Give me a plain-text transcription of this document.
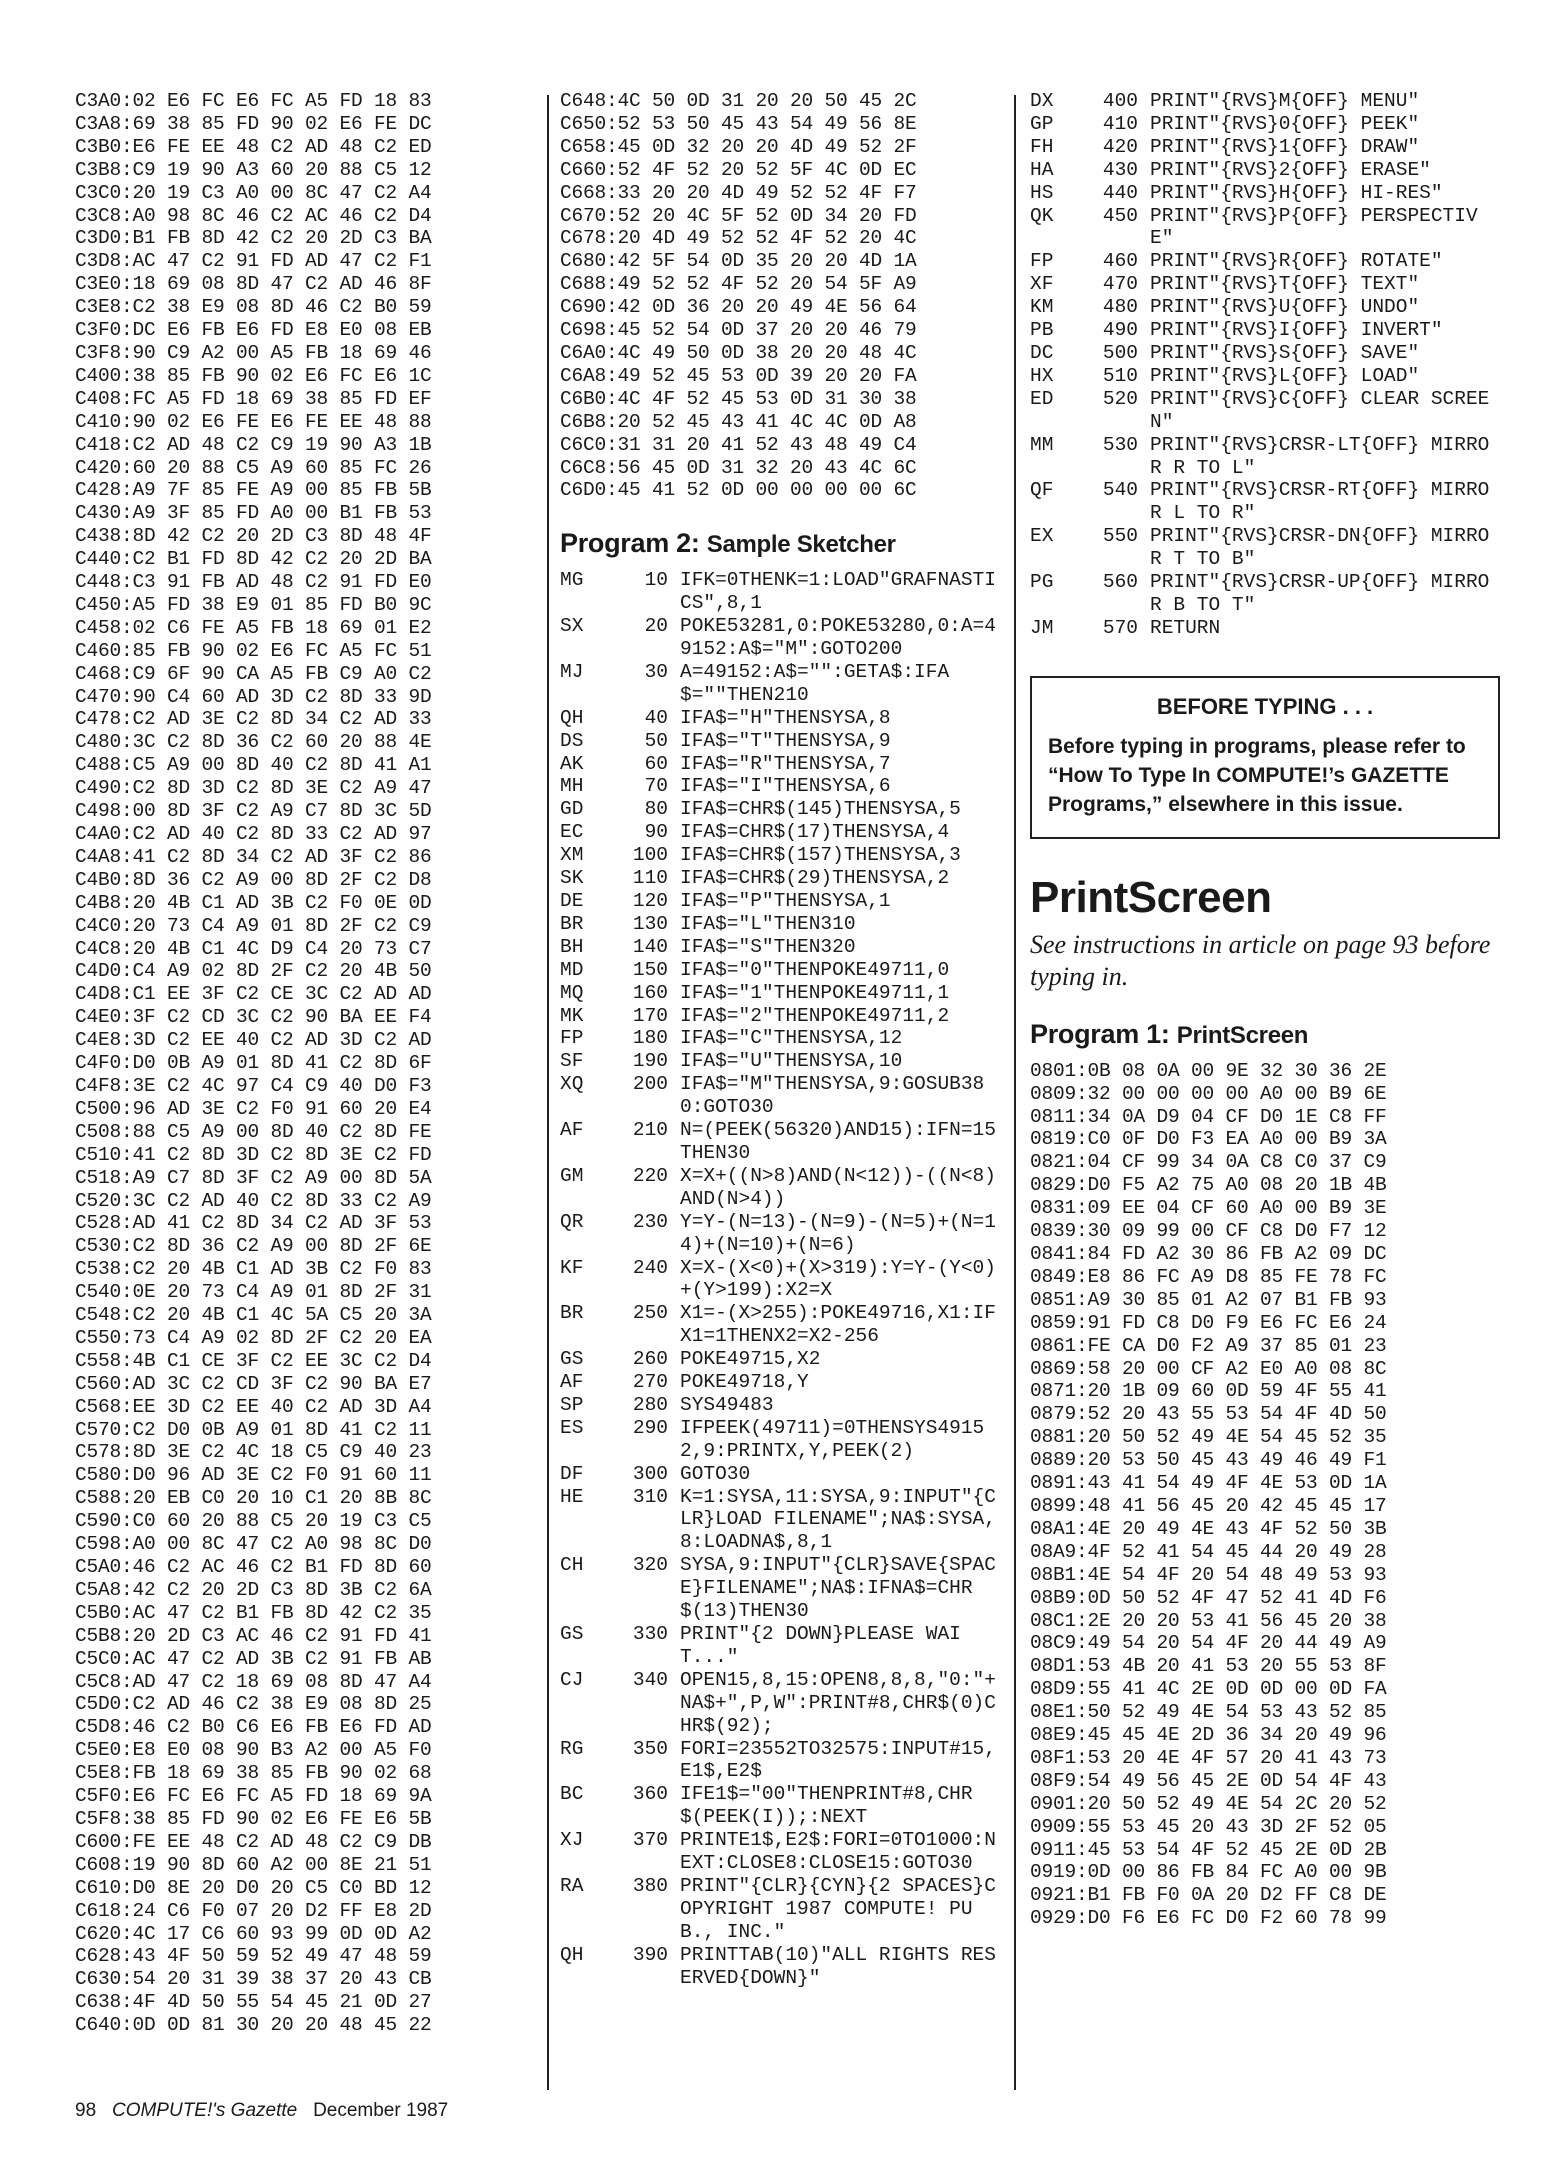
C3A0:02 E6 FC E6 FC A5 FD 18 83
C3A8:69 38 85 FD 90 02 E6 FE DC
C3B0:E6 FE EE 48 C2 AD 48 C2 ED
C3B8:C9 19 90 A3 60 20 88 C5 12
C3C0:20 19 C3 A0 00 8C 47 C2 A4
C3C8:A0 98 8C 46 C2 AC 46 C2 D4
C3D0:B1 FB 8D 42 C2 20 2D C3 BA
C3D8:AC 47 C2 91 FD AD 47 C2 F1
C3E0:18 69 08 8D 47 C2 AD 46 8F
C3E8:C2 38 E9 08 8D 46 C2 B0 59
C3F0:DC E6 FB E6 FD E8 E0 08 EB
C3F8:90 C9 A2 00 A5 FB 18 69 46
C400:38 85 FB 90 02 E6 FC E6 1C
C408:FC A5 FD 18 69 38 85 FD EF
C410:90 02 E6 FE E6 FE EE 48 88
C418:C2 AD 48 C2 C9 19 90 A3 1B
C420:60 20 88 C5 A9 60 85 FC 26
C428:A9 7F 85 FE A9 00 85 FB 5B
C430:A9 3F 85 FD A0 00 B1 FB 53
C438:8D 42 C2 20 2D C3 8D 48 4F
C440:C2 B1 FD 8D 42 C2 20 2D BA
C448:C3 91 FB AD 48 C2 91 FD E0
C450:A5 FD 38 E9 01 85 FD B0 9C
C458:02 C6 FE A5 FB 18 69 01 E2
C460:85 FB 90 02 E6 FC A5 FC 51
C468:C9 6F 90 CA A5 FB C9 A0 C2
C470:90 C4 60 AD 3D C2 8D 33 9D
C478:C2 AD 3E C2 8D 34 C2 AD 33
C480:3C C2 8D 36 C2 60 20 88 4E
C488:C5 A9 00 8D 40 C2 8D 41 A1
C490:C2 8D 3D C2 8D 3E C2 A9 47
C498:00 8D 3F C2 A9 C7 8D 3C 5D
C4A0:C2 AD 40 C2 8D 33 C2 AD 97
C4A8:41 C2 8D 34 C2 AD 3F C2 86
C4B0:8D 36 C2 A9 00 8D 2F C2 D8
C4B8:20 4B C1 AD 3B C2 F0 0E 0D
C4C0:20 73 C4 A9 01 8D 2F C2 C9
C4C8:20 4B C1 4C D9 C4 20 73 C7
C4D0:C4 A9 02 8D 2F C2 20 4B 50
C4D8:C1 EE 3F C2 CE 3C C2 AD AD
C4E0:3F C2 CD 3C C2 90 BA EE F4
C4E8:3D C2 EE 40 C2 AD 3D C2 AD
C4F0:D0 0B A9 01 8D 41 C2 8D 6F
C4F8:3E C2 4C 97 C4 C9 40 D0 F3
C500:96 AD 3E C2 F0 91 60 20 E4
C508:88 C5 A9 00 8D 40 C2 8D FE
C510:41 C2 8D 3D C2 8D 3E C2 FD
C518:A9 C7 8D 3F C2 A9 00 8D 5A
C520:3C C2 AD 40 C2 8D 33 C2 A9
C528:AD 41 C2 8D 34 C2 AD 3F 53
C530:C2 8D 36 C2 A9 00 8D 2F 6E
C538:C2 20 4B C1 AD 3B C2 F0 83
C540:0E 20 73 C4 A9 01 8D 2F 31
C548:C2 20 4B C1 4C 5A C5 20 3A
C550:73 C4 A9 02 8D 2F C2 20 EA
C558:4B C1 CE 3F C2 EE 3C C2 D4
C560:AD 3C C2 CD 3F C2 90 BA E7
C568:EE 3D C2 EE 40 C2 AD 3D A4
C570:C2 D0 0B A9 01 8D 41 C2 11
C578:8D 3E C2 4C 18 C5 C9 40 23
C580:D0 96 AD 3E C2 F0 91 60 11
C588:20 EB C0 20 10 C1 20 8B 8C
C590:C0 60 20 88 C5 20 19 C3 C5
C598:A0 00 8C 47 C2 A0 98 8C D0
C5A0:46 C2 AC 46 C2 B1 FD 8D 60
C5A8:42 C2 20 2D C3 8D 3B C2 6A
C5B0:AC 47 C2 B1 FB 8D 42 C2 35
C5B8:20 2D C3 AC 46 C2 91 FD 41
C5C0:AC 47 C2 AD 3B C2 91 FB AB
C5C8:AD 47 C2 18 69 08 8D 47 A4
C5D0:C2 AD 46 C2 38 E9 08 8D 25
C5D8:46 C2 B0 C6 E6 FB E6 FD AD
C5E0:E8 E0 08 90 B3 A2 00 A5 F0
C5E8:FB 18 69 38 85 FB 90 02 68
C5F0:E6 FC E6 FC A5 FD 18 69 9A
C5F8:38 85 FD 90 02 E6 FE E6 5B
C600:FE EE 48 C2 AD 48 C2 C9 DB
C608:19 90 8D 60 A2 00 8E 21 51
C610:D0 8E 20 D0 20 C5 C0 BD 12
C618:24 C6 F0 07 20 D2 FF E8 2D
C620:4C 17 C6 60 93 99 0D 0D A2
C628:43 4F 50 59 52 49 47 48 59
C630:54 20 31 39 38 37 20 43 CB
C638:4F 4D 50 55 54 45 21 0D 27
C640:0D 0D 81 30 20 20 48 45 22
C648:4C 50 0D 31 20 20 50 45 2C
C650:52 53 50 45 43 54 49 56 8E
C658:45 0D 32 20 20 4D 49 52 2F
C660:52 4F 52 20 52 5F 4C 0D EC
C668:33 20 20 4D 49 52 52 4F F7
C670:52 20 4C 5F 52 0D 34 20 FD
C678:20 4D 49 52 52 4F 52 20 4C
C680:42 5F 54 0D 35 20 20 4D 1A
C688:49 52 52 4F 52 20 54 5F A9
C690:42 0D 36 20 20 49 4E 56 64
C698:45 52 54 0D 37 20 20 46 79
C6A0:4C 49 50 0D 38 20 20 48 4C
C6A8:49 52 45 53 0D 39 20 20 FA
C6B0:4C 4F 52 45 53 0D 31 30 38
C6B8:20 52 45 43 41 4C 4C 0D A8
C6C0:31 31 20 41 52 43 48 49 C4
C6C8:56 45 0D 31 32 20 43 4C 6C
C6D0:45 41 52 0D 00 00 00 00 6C
Program 2: Sample Sketcher
MG	10 IFK=0THENK=1:LOAD"GRAFNASTICS",8,1
SX	20 POKE53281,0:POKE53280,0:A=49152:A$="M":GOTO200
MJ	30 A=49152:A$="":GETA$:IFA$=""THEN210
QH	40 IFA$="H"THENSYSA,8
DS	50 IFA$="T"THENSYSA,9
AK	60 IFA$="R"THENSYSA,7
MH	70 IFA$="I"THENSYSA,6
GD	80 IFA$=CHR$(145)THENSYSA,5
EC	90 IFA$=CHR$(17)THENSYSA,4
XM	100 IFA$=CHR$(157)THENSYSA,3
SK	110 IFA$=CHR$(29)THENSYSA,2
DE	120 IFA$="P"THENSYSA,1
BR	130 IFA$="L"THEN310
BH	140 IFA$="S"THEN320
MD	150 IFA$="0"THENPOKE49711,0
MQ	160 IFA$="1"THENPOKE49711,1
MK	170 IFA$="2"THENPOKE49711,2
FP	180 IFA$="C"THENSYSA,12
SF	190 IFA$="U"THENSYSA,10
XQ	200 IFA$="M"THENSYSA,9:GOSUB380:GOTO30
AF	210 N=(PEEK(56320)AND15):IFN=15THEN30
GM	220 X=X+((N>8)AND(N<12))-((N<8)AND(N>4))
QR	230 Y=Y-(N=13)-(N=9)-(N=5)+(N=14)+(N=10)+(N=6)
KF	240 X=X-(X<0)+(X>319):Y=Y-(Y<0)+(Y>199):X2=X
BR	250 X1=-(X>255):POKE49716,X1:IFX1=1THENX2=X2-256
GS	260 POKE49715,X2
AF	270 POKE49718,Y
SP	280 SYS49483
ES	290 IFPEEK(49711)=0THENSYS49152,9:PRINTX,Y,PEEK(2)
DF	300 GOTO30
HE	310 K=1:SYSA,11:SYSA,9:INPUT"{CLR}LOAD FILENAME";NA$:SYSA,8:LOADNA$,8,1
CH	320 SYSA,9:INPUT"{CLR}SAVE{SPACE}FILENAME";NA$:IFNA$=CHR$(13)THEN30
GS	330 PRINT"{2 DOWN}PLEASE WAIT..."
CJ	340 OPEN15,8,15:OPEN8,8,8,"0:"+NA$+",P,W":PRINT#8,CHR$(0)CHR$(92);
RG	350 FORI=23552TO32575:INPUT#15,E1$,E2$
BC	360 IFE1$="00"THENPRINT#8,CHR$(PEEK(I));:NEXT
XJ	370 PRINTE1$,E2$:FORI=0TO1000:NEXT:CLOSE8:CLOSE15:GOTO30
RA	380 PRINT"{CLR}{CYN}{2 SPACES}COPYRIGHT 1987 COMPUTE! PUB., INC."
QH	390 PRINTTAB(10)"ALL RIGHTS RESERVED{DOWN}"
DX	400 PRINT"{RVS}M{OFF} MENU"
GP	410 PRINT"{RVS}0{OFF} PEEK"
FH	420 PRINT"{RVS}1{OFF} DRAW"
HA	430 PRINT"{RVS}2{OFF} ERASE"
HS	440 PRINT"{RVS}H{OFF} HI-RES"
QK	450 PRINT"{RVS}P{OFF} PERSPECTIVE"
FP	460 PRINT"{RVS}R{OFF} ROTATE"
XF	470 PRINT"{RVS}T{OFF} TEXT"
KM	480 PRINT"{RVS}U{OFF} UNDO"
PB	490 PRINT"{RVS}I{OFF} INVERT"
DC	500 PRINT"{RVS}S{OFF} SAVE"
HX	510 PRINT"{RVS}L{OFF} LOAD"
ED	520 PRINT"{RVS}C{OFF} CLEAR SCREEN"
MM	530 PRINT"{RVS}CRSR-LT{OFF} MIRROR R TO L"
QF	540 PRINT"{RVS}CRSR-RT{OFF} MIRROR L TO R"
EX	550 PRINT"{RVS}CRSR-DN{OFF} MIRROR T TO B"
PG	560 PRINT"{RVS}CRSR-UP{OFF} MIRROR B TO T"
JM	570 RETURN
BEFORE TYPING . . .
Before typing in programs, please refer to “How To Type In COMPUTE!’s GAZETTE Programs,” elsewhere in this issue.
PrintScreen
See instructions in article on page 93 before typing in.
Program 1: PrintScreen
0801:0B 08 0A 00 9E 32 30 36 2E
0809:32 00 00 00 00 A0 00 B9 6E
0811:34 0A D9 04 CF D0 1E C8 FF
0819:C0 0F D0 F3 EA A0 00 B9 3A
0821:04 CF 99 34 0A C8 C0 37 C9
0829:D0 F5 A2 75 A0 08 20 1B 4B
0831:09 EE 04 CF 60 A0 00 B9 3E
0839:30 09 99 00 CF C8 D0 F7 12
0841:84 FD A2 30 86 FB A2 09 DC
0849:E8 86 FC A9 D8 85 FE 78 FC
0851:A9 30 85 01 A2 07 B1 FB 93
0859:91 FD C8 D0 F9 E6 FC E6 24
0861:FE CA D0 F2 A9 37 85 01 23
0869:58 20 00 CF A2 E0 A0 08 8C
0871:20 1B 09 60 0D 59 4F 55 41
0879:52 20 43 55 53 54 4F 4D 50
0881:20 50 52 49 4E 54 45 52 35
0889:20 53 50 45 43 49 46 49 F1
0891:43 41 54 49 4F 4E 53 0D 1A
0899:48 41 56 45 20 42 45 45 17
08A1:4E 20 49 4E 43 4F 52 50 3B
08A9:4F 52 41 54 45 44 20 49 28
08B1:4E 54 4F 20 54 48 49 53 93
08B9:0D 50 52 4F 47 52 41 4D F6
08C1:2E 20 20 53 41 56 45 20 38
08C9:49 54 20 54 4F 20 44 49 A9
08D1:53 4B 20 41 53 20 55 53 8F
08D9:55 41 4C 2E 0D 0D 00 0D FA
08E1:50 52 49 4E 54 53 43 52 85
08E9:45 45 4E 2D 36 34 20 49 96
08F1:53 20 4E 4F 57 20 41 43 73
08F9:54 49 56 45 2E 0D 54 4F 43
0901:20 50 52 49 4E 54 2C 20 52
0909:55 53 45 20 43 3D 2F 52 05
0911:45 53 54 4F 52 45 2E 0D 2B
0919:0D 00 86 FB 84 FC A0 00 9B
0921:B1 FB F0 0A 20 D2 FF C8 DE
0929:D0 F6 E6 FC D0 F2 60 78 99
98 COMPUTE!'s Gazette December 1987
